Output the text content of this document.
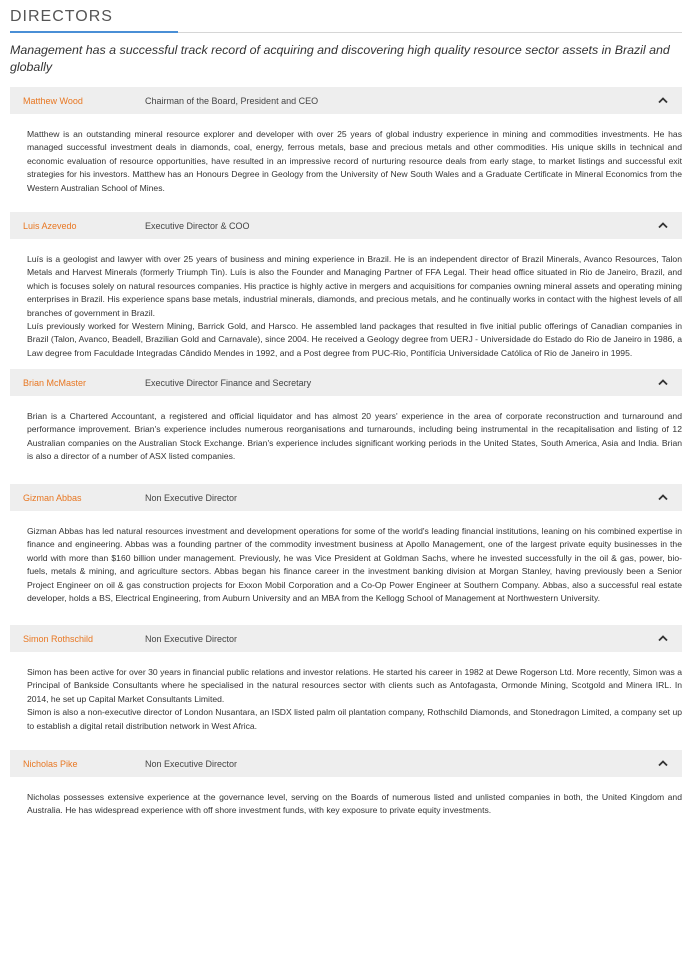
DIRECTORS

Management has a successful track record of acquiring and discovering high quality resource sector assets in Brazil and globally

Matthew Wood	Chairman of the Board, President and CEO

Matthew is an outstanding mineral resource explorer and developer with over 25 years of global industry experience in mining and commodities investments. He has managed successful investment deals in diamonds, coal, energy, ferrous metals, base and precious metals and other commodities. His unique skills in technical and economic evaluation of resource opportunities, have resulted in an impressive record of nurturing resource deals from early stage, to market listings and successful exit strategies for his investors. Matthew has an Honours Degree in Geology from the University of New South Wales and a Graduate Certificate in Mineral Economics from the Western Australian School of Mines.

Luis Azevedo	Executive Director & COO

Luís is a geologist and lawyer with over 25 years of business and mining experience in Brazil. He is an independent director of Brazil Minerals, Avanco Resources, Talon Metals and Harvest Minerals (formerly Triumph Tin). Luís is also the Founder and Managing Partner of FFA Legal. Their head office situated in Rio de Janeiro, Brazil, and which is focuses solely on natural resources companies. His practice is highly active in mergers and acquisitions for companies owning mineral assets and operating mining enterprises in Brazil. His experience spans base metals, industrial minerals, diamonds, and precious metals, and he continually works in contact with the highest levels of all branches of government in Brazil.

Luís previously worked for Western Mining, Barrick Gold, and Harsco. He assembled land packages that resulted in five initial public offerings of Canadian companies in Brazil (Talon, Avanco, Beadell, Brazilian Gold and Carnavale), since 2004. He received a Geology degree from UERJ - Universidade do Estado do Rio de Janeiro in 1986, a Law degree from Faculdade Integradas Cândido Mendes in 1992, and a Post degree from PUC-Rio, Pontifícia Universidade Católica of Rio de Janeiro in 1995.

Brian McMaster	Executive Director Finance and Secretary

Brian is a Chartered Accountant, a registered and official liquidator and has almost 20 years' experience in the area of corporate reconstruction and turnaround and performance improvement. Brian's experience includes numerous reorganisations and turnarounds, including being instrumental in the recapitalisation and listing of 12 Australian companies on the Australian Stock Exchange. Brian's experience includes significant working periods in the United States, South America, Asia and India. Brian is also a director of a number of ASX listed companies.

Gizman Abbas	Non Executive Director

Gizman Abbas has led natural resources investment and development operations for some of the world's leading financial institutions, leaning on his combined expertise in finance and engineering. Abbas was a founding partner of the commodity investment business at Apollo Management, one of the largest private equity businesses in the world with more than $160 billion under management. Previously, he was Vice President at Goldman Sachs, where he invested successfully in the oil & gas, power, bio-fuels, metals & mining, and agriculture sectors. Abbas began his finance career in the investment banking division at Morgan Stanley, having previously been a Senior Project Engineer on oil & gas construction projects for Exxon Mobil Corporation and a Co-Op Power Engineer at Southern Company. Abbas, also a successful real estate developer, holds a BS, Electrical Engineering, from Auburn University and an MBA from the Kellogg School of Management at Northwestern University.

Simon Rothschild	Non Executive Director

Simon has been active for over 30 years in financial public relations and investor relations. He started his career in 1982 at Dewe Rogerson Ltd. More recently, Simon was a Principal of Bankside Consultants where he specialised in the natural resources sector with clients such as Antofagasta, Ormonde Mining, Scotgold and Minera IRL. In 2014, he set up Capital Market Consultants Limited.

Simon is also a non-executive director of London Nusantara, an ISDX listed palm oil plantation company, Rothschild Diamonds, and Stonedragon Limited, a company set up to establish a digital retail distribution network in West Africa.

Nicholas Pike	Non Executive Director

Nicholas possesses extensive experience at the governance level, serving on the Boards of numerous listed and unlisted companies in both, the United Kingdom and Australia. He has widespread experience with off shore investment funds, with key exposure to private equity investments.
